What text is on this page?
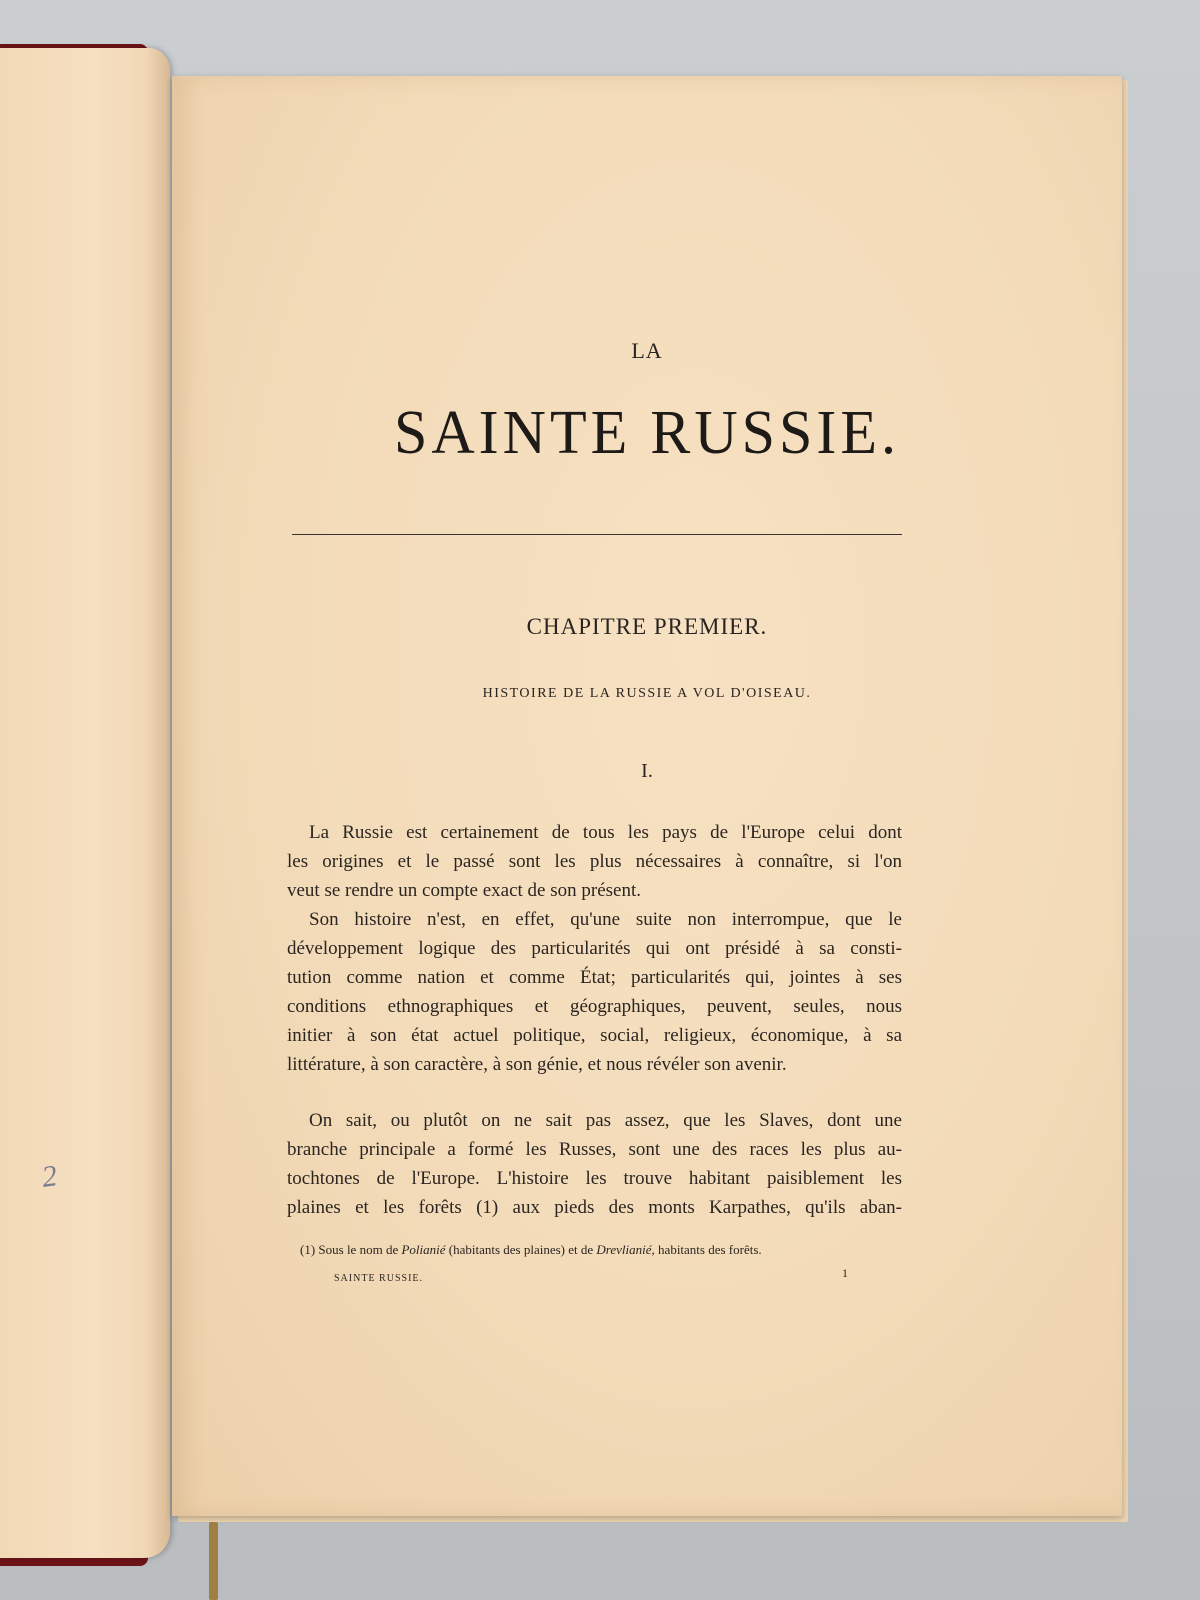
2
LA
SAINTE RUSSIE.
CHAPITRE PREMIER.
HISTOIRE DE LA RUSSIE A VOL D'OISEAU.
I.

La Russie est certainement de tous les pays de l'Europe celui dont
les origines et le passé sont les plus nécessaires à connaître, si l'on
veut se rendre un compte exact de son présent.

Son histoire n'est, en effet, qu'une suite non interrompue, que le
développement logique des particularités qui ont présidé à sa consti-
tution comme nation et comme État; particularités qui, jointes à ses
conditions ethnographiques et géographiques, peuvent, seules, nous
initier à son état actuel politique, social, religieux, économique, à sa
littérature, à son caractère, à son génie, et nous révéler son avenir.

On sait, ou plutôt on ne sait pas assez, que les Slaves, dont une
branche principale a formé les Russes, sont une des races les plus au-
tochtones de l'Europe. L'histoire les trouve habitant paisiblement les
plaines et les forêts (1) aux pieds des monts Karpathes, qu'ils aban-

(1) Sous le nom de Polianié (habitants des plaines) et de Drevlianié, habitants des forêts.
SAINTE RUSSIE.	1
